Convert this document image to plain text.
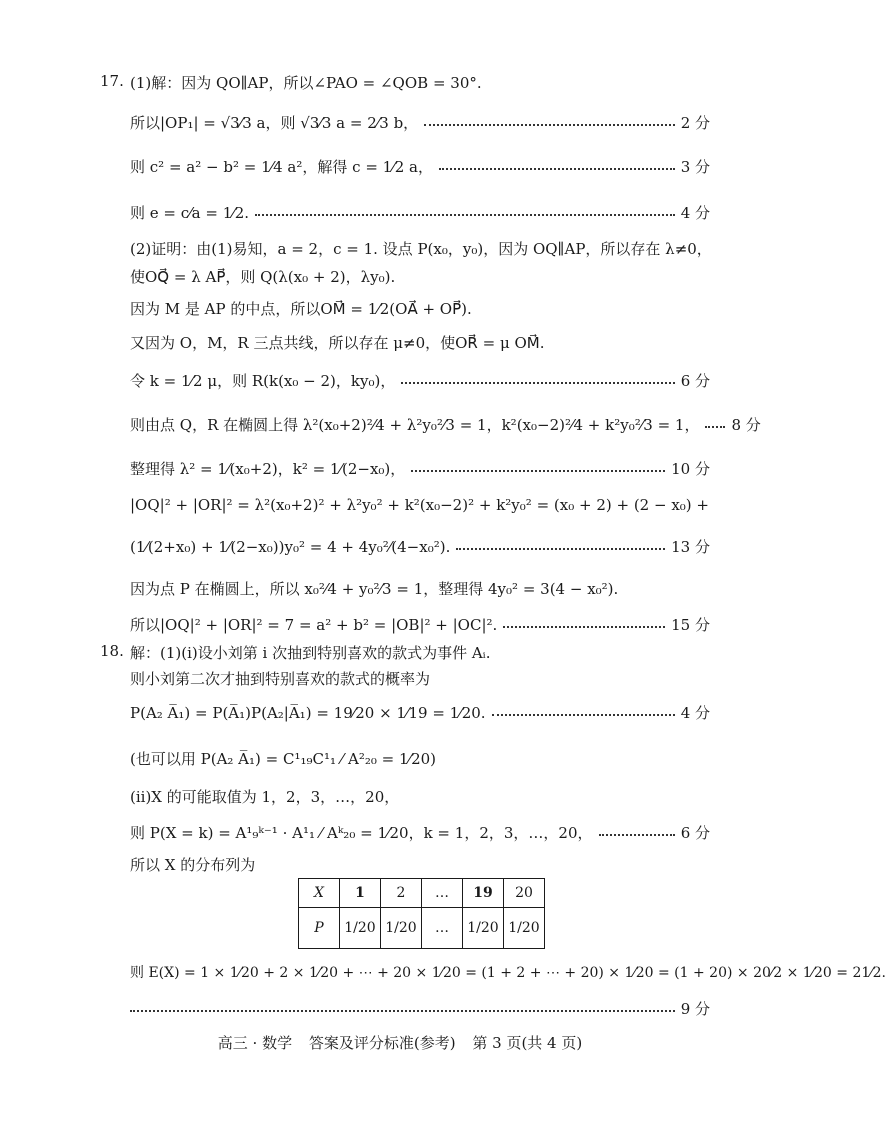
17. (1)解：因为 QO∥AP，所以∠PAO = ∠QOB = 30°.
所以|OP₁| = √3⁄3 a，则 √3⁄3 a = 2⁄3 b，	2 分
则 c² = a² − b² = 1⁄4 a²，解得 c = 1⁄2 a，	3 分
则 e = c⁄a = 1⁄2.	4 分
(2)证明：由(1)易知，a = 2，c = 1. 设点 P(x₀，y₀)，因为 OQ∥AP，所以存在 λ≠0，
使OQ⃗ = λ AP⃗，则 Q(λ(x₀ + 2)，λy₀).
因为 M 是 AP 的中点，所以OM⃗ = 1⁄2(OA⃗ + OP⃗).
又因为 O，M，R 三点共线，所以存在 μ≠0，使OR⃗ = μ OM⃗.
令 k = 1⁄2 μ，则 R(k(x₀ − 2)，ky₀)，	6 分
则由点 Q，R 在椭圆上得 λ²(x₀+2)²⁄4 + λ²y₀²⁄3 = 1，k²(x₀−2)²⁄4 + k²y₀²⁄3 = 1， 8 分
整理得 λ² = 1⁄(x₀+2)，k² = 1⁄(2−x₀)，	10 分
|OQ|² + |OR|² = λ²(x₀+2)² + λ²y₀² + k²(x₀−2)² + k²y₀² = (x₀ + 2) + (2 − x₀) +
(1⁄(2+x₀) + 1⁄(2−x₀))y₀² = 4 + 4y₀²⁄(4−x₀²).	13 分
因为点 P 在椭圆上，所以 x₀²⁄4 + y₀²⁄3 = 1，整理得 4y₀² = 3(4 − x₀²).
所以|OQ|² + |OR|² = 7 = a² + b² = |OB|² + |OC|².	15 分
18. 解：(1)(i)设小刘第 i 次抽到特别喜欢的款式为事件 Aᵢ.
则小刘第二次才抽到特别喜欢的款式的概率为
P(A₂ A̅₁) = P(A̅₁)P(A₂|A̅₁) = 19⁄20 × 1⁄19 = 1⁄20.	4 分
(也可以用 P(A₂ A̅₁) = C¹₁₉C¹₁ ⁄ A²₂₀ = 1⁄20)
(ii)X 的可能取值为 1，2，3，…，20，
则 P(X = k) = A¹₉ᵏ⁻¹ · A¹₁ ⁄ Aᵏ₂₀ = 1⁄20，k = 1，2，3，…，20，	6 分
所以 X 的分布列为
X	1	2	…	19	20
P	1/20	1/20	…	1/20	1/20
则 E(X) = 1 × 1⁄20 + 2 × 1⁄20 + ⋯ + 20 × 1⁄20 = (1 + 2 + ⋯ + 20) × 1⁄20 = (1 + 20) × 20⁄2 × 1⁄20 = 21⁄2.
9 分
高三 · 数学 答案及评分标准(参考) 第 3 页(共 4 页)
